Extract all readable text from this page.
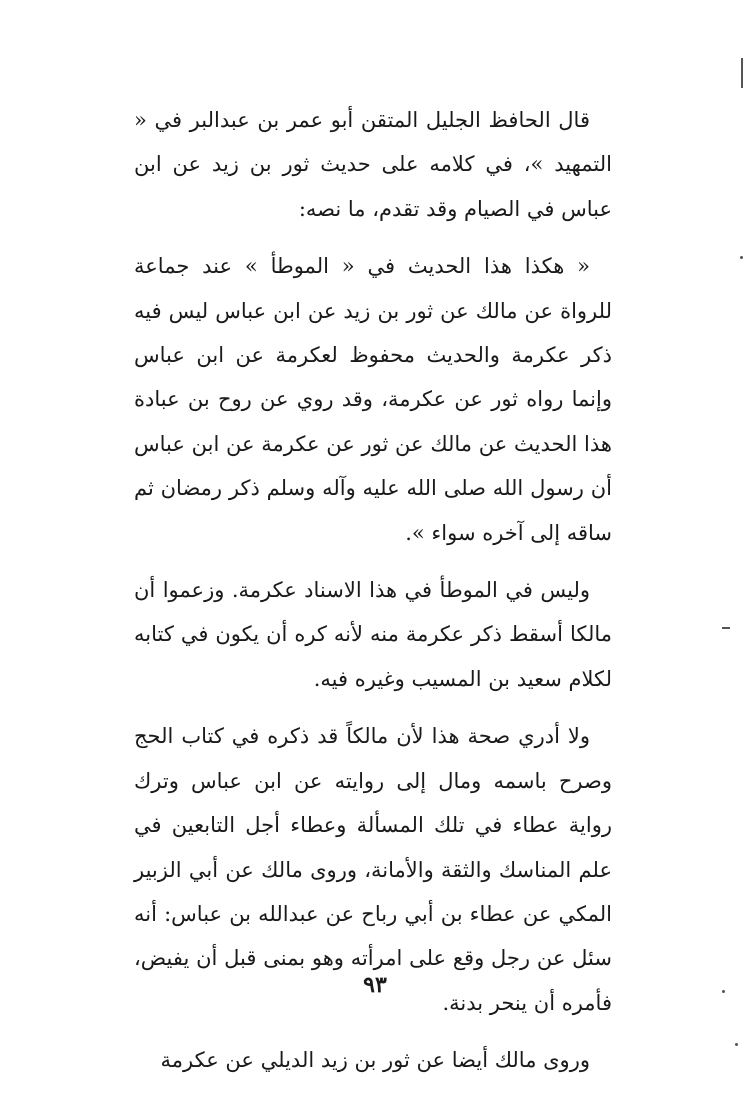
قال الحافظ الجليل المتقن أبو عمر بن عبدالبر في « التمهيد »، في كلامه على حديث ثور بن زيد عن ابن عباس في الصيام وقد تقدم، ما نصه:

« هكذا هذا الحديث في « الموطأ » عند جماعة للرواة عن مالك عن ثور بن زيد عن ابن عباس ليس فيه ذكر عكرمة والحديث محفوظ لعكرمة عن ابن عباس وإنما رواه ثور عن عكرمة، وقد روي عن روح بن عبادة هذا الحديث عن مالك عن ثور عن عكرمة عن ابن عباس أن رسول الله صلى الله عليه وآله وسلم ذكر رمضان ثم ساقه إلى آخره سواء ».

وليس في الموطأ في هذا الاسناد عكرمة. وزعموا أن مالكا أسقط ذكر عكرمة منه لأنه كره أن يكون في كتابه لكلام سعيد بن المسيب وغيره فيه.

ولا أدري صحة هذا لأن مالكاً قد ذكره في كتاب الحج وصرح باسمه ومال إلى روايته عن ابن عباس وترك رواية عطاء في تلك المسألة وعطاء أجل التابعين في علم المناسك والثقة والأمانة، وروى مالك عن أبي الزبير المكي عن عطاء بن أبي رباح عن عبدالله بن عباس: أنه سئل عن رجل وقع على امرأته وهو بمنى قبل أن يفيض، فأمره أن ينحر بدنة.

وروى مالك أيضا عن ثور بن زيد الديلي عن عكرمة

٩٣
